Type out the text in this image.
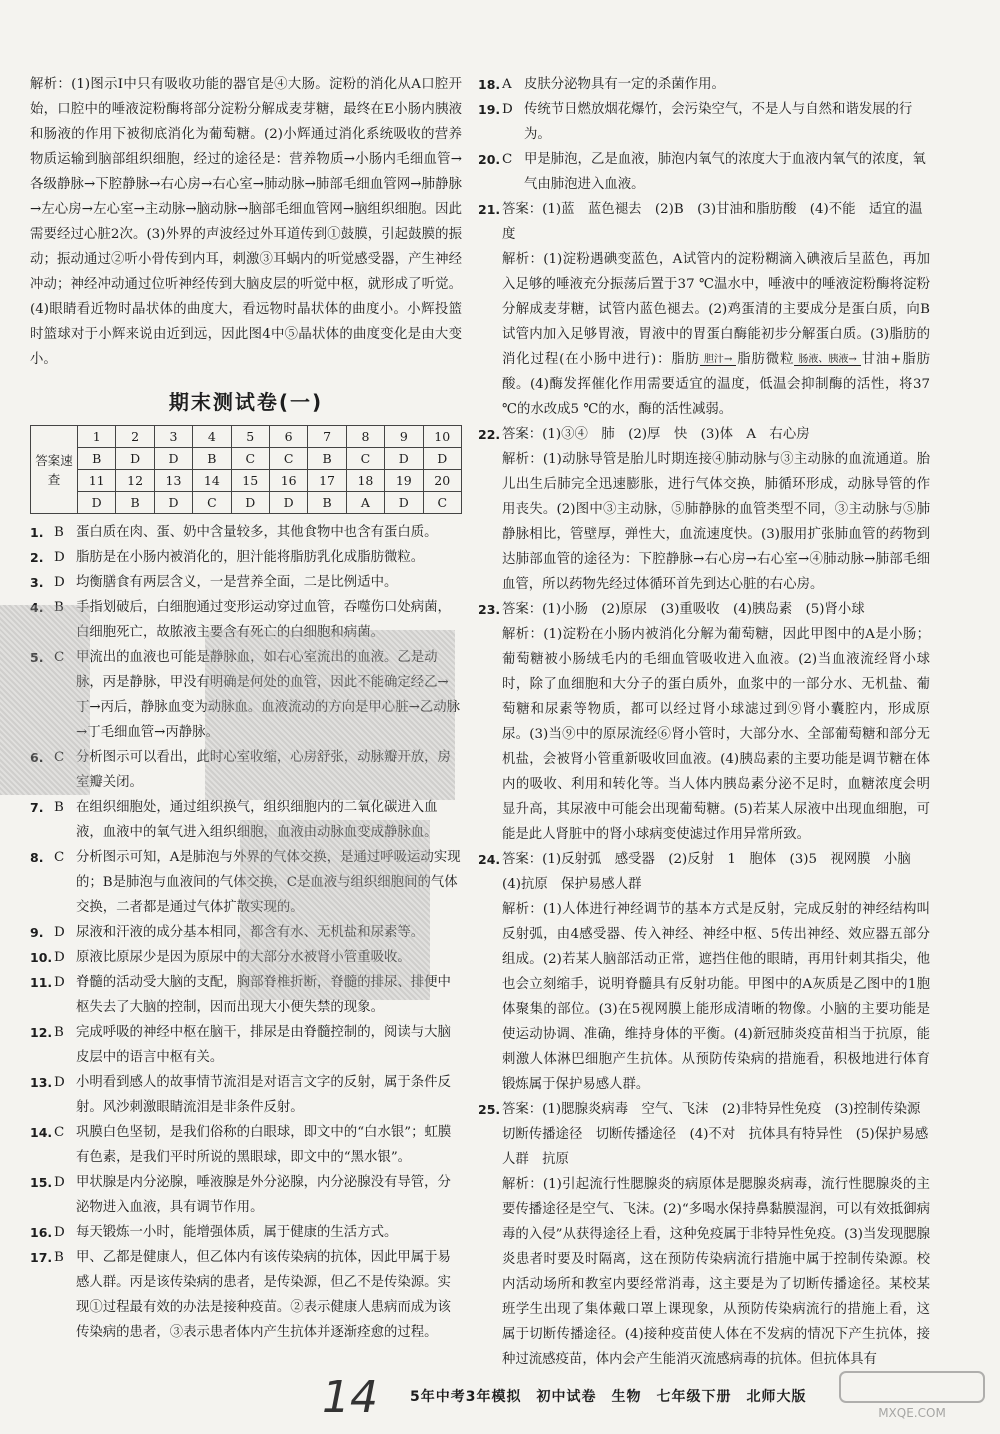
解析：(1)图示Ⅰ中只有吸收功能的器官是④大肠。淀粉的消化从A口腔开始，口腔中的唾液淀粉酶将部分淀粉分解成麦芽糖，最终在E小肠内胰液和肠液的作用下被彻底消化为葡萄糖。(2)小辉通过消化系统吸收的营养物质运输到脑部组织细胞，经过的途径是：营养物质→小肠内毛细血管→各级静脉→下腔静脉→右心房→右心室→肺动脉→肺部毛细血管网→肺静脉→左心房→左心室→主动脉→脑动脉→脑部毛细血管网→脑组织细胞。因此需要经过心脏2次。(3)外界的声波经过外耳道传到①鼓膜，引起鼓膜的振动；振动通过②听小骨传到内耳，刺激③耳蜗内的听觉感受器，产生神经冲动；神经冲动通过位听神经传到大脑皮层的听觉中枢，就形成了听觉。(4)眼睛看近物时晶状体的曲度大，看远物时晶状体的曲度小。小辉投篮时篮球对于小辉来说由近到远，因此图4中⑤晶状体的曲度变化是由大变小。

期末测试卷(一)
答案速查	1	2	3	4	5	6	7	8	9	10
	B	D	D	B	C	C	B	C	D	D
	11	12	13	14	15	16	17	18	19	20
	D	B	D	C	D	D	B	A	D	C
1. B 蛋白质在肉、蛋、奶中含量较多，其他食物中也含有蛋白质。
2. D 脂肪是在小肠内被消化的，胆汁能将脂肪乳化成脂肪微粒。
3. D 均衡膳食有两层含义，一是营养全面，二是比例适中。
4. B 手指划破后，白细胞通过变形运动穿过血管，吞噬伤口处病菌，白细胞死亡，故脓液主要含有死亡的白细胞和病菌。
5. C 甲流出的血液也可能是静脉血，如右心室流出的血液。乙是动脉，丙是静脉，甲没有明确是何处的血管，因此不能确定经乙→丁→丙后，静脉血变为动脉血。血液流动的方向是甲心脏→乙动脉→丁毛细血管→丙静脉。
6. C 分析图示可以看出，此时心室收缩，心房舒张，动脉瓣开放，房室瓣关闭。
7. B 在组织细胞处，通过组织换气，组织细胞内的二氧化碳进入血液，血液中的氧气进入组织细胞，血液由动脉血变成静脉血。
8. C 分析图示可知，A是肺泡与外界的气体交换，是通过呼吸运动实现的；B是肺泡与血液间的气体交换，C是血液与组织细胞间的气体交换，二者都是通过气体扩散实现的。
9. D 尿液和汗液的成分基本相同，都含有水、无机盐和尿素等。
10. D 原液比原尿少是因为原尿中的大部分水被肾小管重吸收。
11. D 脊髓的活动受大脑的支配，胸部脊椎折断，脊髓的排尿、排便中枢失去了大脑的控制，因而出现大小便失禁的现象。
12. B 完成呼吸的神经中枢在脑干，排尿是由脊髓控制的，阅读与大脑皮层中的语言中枢有关。
13. D 小明看到感人的故事情节流泪是对语言文字的反射，属于条件反射。风沙刺激眼睛流泪是非条件反射。
14. C 巩膜白色坚韧，是我们俗称的白眼球，即文中的“白水银”；虹膜有色素，是我们平时所说的黑眼球，即文中的“黑水银”。
15. D 甲状腺是内分泌腺，唾液腺是外分泌腺，内分泌腺没有导管，分泌物进入血液，具有调节作用。
16. D 每天锻炼一小时，能增强体质，属于健康的生活方式。
17. B 甲、乙都是健康人，但乙体内有该传染病的抗体，因此甲属于易感人群。丙是该传染病的患者，是传染源，但乙不是传染源。实现①过程最有效的办法是接种疫苗。②表示健康人患病而成为该传染病的患者，③表示患者体内产生抗体并逐渐痊愈的过程。
18. A 皮肤分泌物具有一定的杀菌作用。
19. D 传统节日燃放烟花爆竹，会污染空气，不是人与自然和谐发展的行为。
20. C 甲是肺泡，乙是血液，肺泡内氧气的浓度大于血液内氧气的浓度，氧气由肺泡进入血液。
21. 答案：(1)蓝　蓝色褪去　(2)B　(3)甘油和脂肪酸　(4)不能　适宜的温度

解析：(1)淀粉遇碘变蓝色，A试管内的淀粉糊滴入碘液后呈蓝色，再加入足够的唾液充分振荡后置于37 ℃温水中，唾液中的唾液淀粉酶将淀粉分解成麦芽糖，试管内蓝色褪去。(2)鸡蛋清的主要成分是蛋白质，向B试管内加入足够胃液，胃液中的胃蛋白酶能初步分解蛋白质。(3)脂肪的消化过程(在小肠中进行)：脂肪 胆汁→ 脂肪微粒 肠液、胰液→ 甘油+脂肪酸。(4)酶发挥催化作用需要适宜的温度，低温会抑制酶的活性，将37 ℃的水改成5 ℃的水，酶的活性减弱。

22. 答案：(1)③④　肺　(2)厚　快　(3)体　A　右心房

解析：(1)动脉导管是胎儿时期连接④肺动脉与③主动脉的血流通道。胎儿出生后肺完全迅速膨胀，进行气体交换，肺循环形成，动脉导管的作用丧失。(2)图中③主动脉，⑤肺静脉的血管类型不同，③主动脉与⑤肺静脉相比，管壁厚，弹性大，血流速度快。(3)服用扩张肺血管的药物到达肺部血管的途径为：下腔静脉→右心房→右心室→④肺动脉→肺部毛细血管，所以药物先经过体循环首先到达心脏的右心房。

23. 答案：(1)小肠　(2)原尿　(3)重吸收　(4)胰岛素　(5)肾小球

解析：(1)淀粉在小肠内被消化分解为葡萄糖，因此甲图中的A是小肠；葡萄糖被小肠绒毛内的毛细血管吸收进入血液。(2)当血液流经肾小球时，除了血细胞和大分子的蛋白质外，血浆中的一部分水、无机盐、葡萄糖和尿素等物质，都可以经过肾小球滤过到⑨肾小囊腔内，形成原尿。(3)当⑨中的原尿流经⑥肾小管时，大部分水、全部葡萄糖和部分无机盐，会被肾小管重新吸收回血液。(4)胰岛素的主要功能是调节糖在体内的吸收、利用和转化等。当人体内胰岛素分泌不足时，血糖浓度会明显升高，其尿液中可能会出现葡萄糖。(5)若某人尿液中出现血细胞，可能是此人肾脏中的肾小球病变使滤过作用异常所致。

24. 答案：(1)反射弧　感受器　(2)反射　1　胞体　(3)5　视网膜　小脑　(4)抗原　保护易感人群

解析：(1)人体进行神经调节的基本方式是反射，完成反射的神经结构叫反射弧，由4感受器、传入神经、神经中枢、5传出神经、效应器五部分组成。(2)若某人脑部活动正常，遮挡住他的眼睛，再用针刺其指尖，他也会立刻缩手，说明脊髓具有反射功能。甲图中的A灰质是乙图中的1胞体聚集的部位。(3)在5视网膜上能形成清晰的物像。小脑的主要功能是使运动协调、准确，维持身体的平衡。(4)新冠肺炎疫苗相当于抗原，能刺激人体淋巴细胞产生抗体。从预防传染病的措施看，积极地进行体育锻炼属于保护易感人群。

25. 答案：(1)腮腺炎病毒　空气、飞沫　(2)非特异性免疫　(3)控制传染源　切断传播途径　切断传播途径　(4)不对　抗体具有特异性　(5)保护易感人群　抗原

解析：(1)引起流行性腮腺炎的病原体是腮腺炎病毒，流行性腮腺炎的主要传播途径是空气、飞沫。(2)“多喝水保持鼻黏膜湿润，可以有效抵御病毒的入侵”从获得途径上看，这种免疫属于非特异性免疫。(3)当发现腮腺炎患者时要及时隔离，这在预防传染病流行措施中属于控制传染源。校内活动场所和教室内要经常消毒，这主要是为了切断传播途径。某校某班学生出现了集体戴口罩上课现象，从预防传染病流行的措施上看，这属于切断传播途径。(4)接种疫苗使人体在不发病的情况下产生抗体，接种过流感疫苗，体内会产生能消灭流感病毒的抗体。但抗体具有

14 5年中考3年模拟　初中试卷　生物　七年级下册　北师大版
MXQE.COM
